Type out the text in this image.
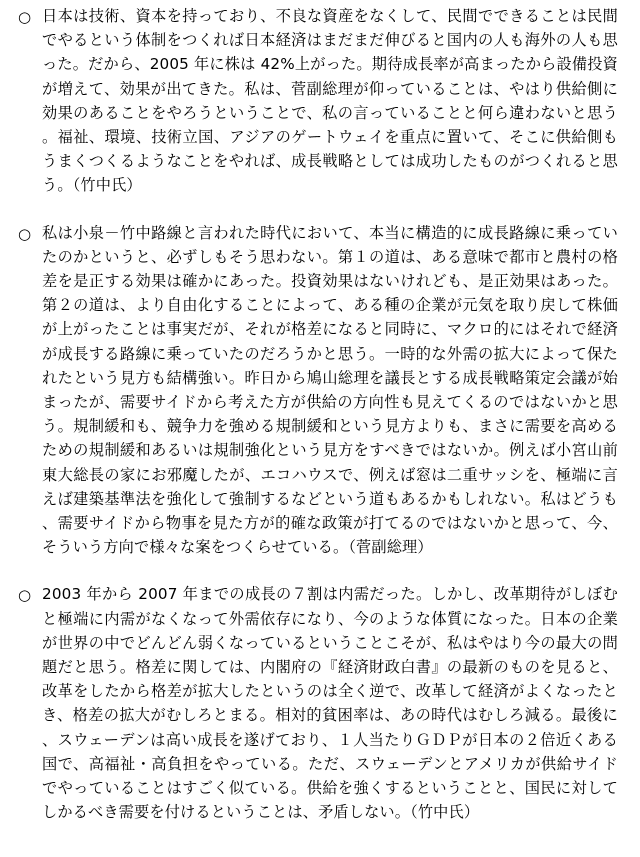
○ 日本は技術、資本を持っており、不良な資産をなくして、民間でできることは民間でやるという体制をつくれば日本経済はまだまだ伸びると国内の人も海外の人も思った。だから、2005 年に株は 42%上がった。期待成長率が高まったから設備投資が増えて、効果が出てきた。私は、菅副総理が仰っていることは、やはり供給側に効果のあることをやろうということで、私の言っていることと何ら違わないと思う。福祉、環境、技術立国、アジアのゲートウェイを重点に置いて、そこに供給側もうまくつくるようなことをやれば、成長戦略としては成功したものがつくれると思う。（竹中氏）

○ 私は小泉－竹中路線と言われた時代において、本当に構造的に成長路線に乗っていたのかというと、必ずしもそう思わない。第１の道は、ある意味で都市と農村の格差を是正する効果は確かにあった。投資効果はないけれども、是正効果はあった。第２の道は、より自由化することによって、ある種の企業が元気を取り戻して株価が上がったことは事実だが、それが格差になると同時に、マクロ的にはそれで経済が成長する路線に乗っていたのだろうかと思う。一時的な外需の拡大によって保たれたという見方も結構強い。昨日から鳩山総理を議長とする成長戦略策定会議が始まったが、需要サイドから考えた方が供給の方向性も見えてくるのではないかと思う。規制緩和も、競争力を強める規制緩和という見方よりも、まさに需要を高めるための規制緩和あるいは規制強化という見方をすべきではないか。例えば小宮山前東大総長の家にお邪魔したが、エコハウスで、例えば窓は二重サッシを、極端に言えば建築基準法を強化して強制するなどという道もあるかもしれない。私はどうも、需要サイドから物事を見た方が的確な政策が打てるのではないかと思って、今、そういう方向で様々な案をつくらせている。（菅副総理）

○ 2003 年から 2007 年までの成長の７割は内需だった。しかし、改革期待がしぼむと極端に内需がなくなって外需依存になり、今のような体質になった。日本の企業が世界の中でどんどん弱くなっているということこそが、私はやはり今の最大の問題だと思う。格差に関しては、内閣府の『経済財政白書』の最新のものを見ると、改革をしたから格差が拡大したというのは全く逆で、改革して経済がよくなったとき、格差の拡大がむしろとまる。相対的貧困率は、あの時代はむしろ減る。最後に、スウェーデンは高い成長を遂げており、１人当たりＧＤＰが日本の２倍近くある国で、高福祉・高負担をやっている。ただ、スウェーデンとアメリカが供給サイドでやっていることはすごく似ている。供給を強くするということと、国民に対してしかるべき需要を付けるということは、矛盾しない。（竹中氏）
